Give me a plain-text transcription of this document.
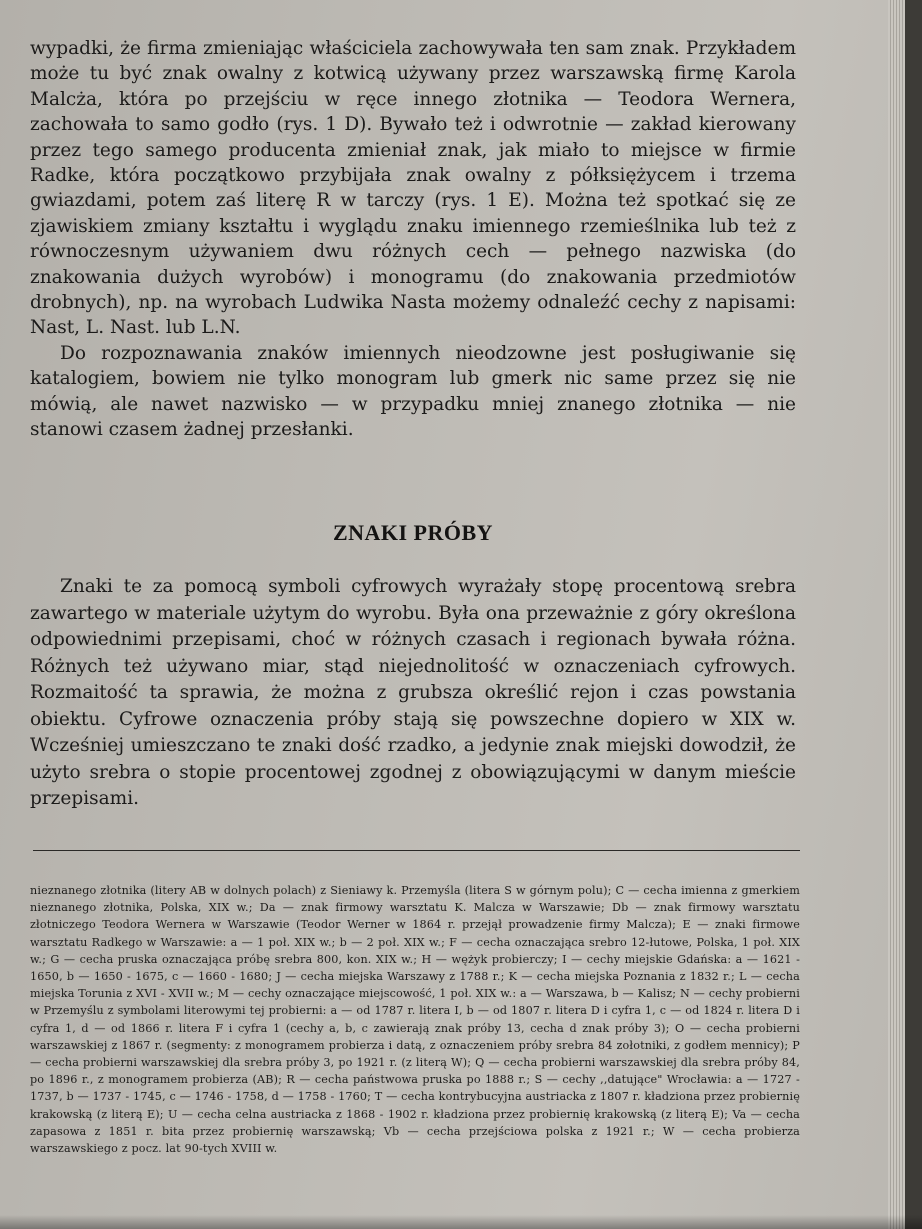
wypadki, że firma zmieniając właściciela zachowywała ten sam znak. Przykładem może tu być znak owalny z kotwicą używany przez warszawską firmę Karola Malcża, która po przejściu w ręce innego złotnika — Teodora Wernera, zachowała to samo godło (rys. 1 D). Bywało też i odwrotnie — zakład kierowany przez tego samego producenta zmieniał znak, jak miało to miejsce w firmie Radke, która początkowo przybijała znak owalny z półksiężycem i trzema gwiazdami, potem zaś literę R w tarczy (rys. 1 E). Można też spotkać się ze zjawiskiem zmiany kształtu i wyglądu znaku imiennego rzemieślnika lub też z równoczesnym używaniem dwu różnych cech — pełnego nazwiska (do znakowania dużych wyrobów) i monogramu (do znakowania przedmiotów drobnych), np. na wyrobach Ludwika Nasta możemy odnaleźć cechy z napisami: Nast, L. Nast. lub L.N.

Do rozpoznawania znaków imiennych nieodzowne jest posługiwanie się katalogiem, bowiem nie tylko monogram lub gmerk nic same przez się nie mówią, ale nawet nazwisko — w przypadku mniej znanego złotnika — nie stanowi czasem żadnej przesłanki.

ZNAKI PRÓBY

Znaki te za pomocą symboli cyfrowych wyrażały stopę procentową srebra zawartego w materiale użytym do wyrobu. Była ona przeważnie z góry określona odpowiednimi przepisami, choć w różnych czasach i regionach bywała różna. Różnych też używano miar, stąd niejednolitość w oznaczeniach cyfrowych. Rozmaitość ta sprawia, że można z grubsza określić rejon i czas powstania obiektu. Cyfrowe oznaczenia próby stają się powszechne dopiero w XIX w. Wcześniej umieszczano te znaki dość rzadko, a jedynie znak miejski dowodził, że użyto srebra o stopie procentowej zgodnej z obowiązującymi w danym mieście przepisami.

nieznanego złotnika (litery AB w dolnych polach) z Sieniawy k. Przemyśla (litera S w górnym polu); C — cecha imienna z gmerkiem nieznanego złotnika, Polska, XIX w.; Da — znak firmowy warsztatu K. Malcza w Warszawie; Db — znak firmowy warsztatu złotniczego Teodora Wernera w Warszawie (Teodor Werner w 1864 r. przejął prowadzenie firmy Malcza); E — znaki firmowe warsztatu Radkego w Warszawie: a — 1 poł. XIX w.; b — 2 poł. XIX w.; F — cecha oznaczająca srebro 12-łutowe, Polska, 1 poł. XIX w.; G — cecha pruska oznaczająca próbę srebra 800, kon. XIX w.; H — wężyk probierczy; I — cechy miejskie Gdańska: a — 1621 - 1650, b — 1650 - 1675, c — 1660 - 1680; J — cecha miejska Warszawy z 1788 r.; K — cecha miejska Poznania z 1832 r.; L — cecha miejska Torunia z XVI - XVII w.; M — cechy oznaczające miejscowość, 1 poł. XIX w.: a — Warszawa, b — Kalisz; N — cechy probierni w Przemyślu z symbolami literowymi tej probierni: a — od 1787 r. litera I, b — od 1807 r. litera D i cyfra 1, c — od 1824 r. litera D i cyfra 1, d — od 1866 r. litera F i cyfra 1 (cechy a, b, c zawierają znak próby 13, cecha d znak próby 3); O — cecha probierni warszawskiej z 1867 r. (segmenty: z monogramem probierza i datą, z oznaczeniem próby srebra 84 zołotniki, z godłem mennicy); P — cecha probierni warszawskiej dla srebra próby 3, po 1921 r. (z literą W); Q — cecha probierni warszawskiej dla srebra próby 84, po 1896 r., z monogramem probierza (AB); R — cecha państwowa pruska po 1888 r.; S — cechy ,,datujące" Wrocławia: a — 1727 - 1737, b — 1737 - 1745, c — 1746 - 1758, d — 1758 - 1760; T — cecha kontrybucyjna austriacka z 1807 r. kładziona przez probiernię krakowską (z literą E); U — cecha celna austriacka z 1868 - 1902 r. kładziona przez probiernię krakowską (z literą E); Va — cecha zapasowa z 1851 r. bita przez probiernię warszawską; Vb — cecha przejściowa polska z 1921 r.; W — cecha probierza warszawskiego z pocz. lat 90-tych XVIII w.
